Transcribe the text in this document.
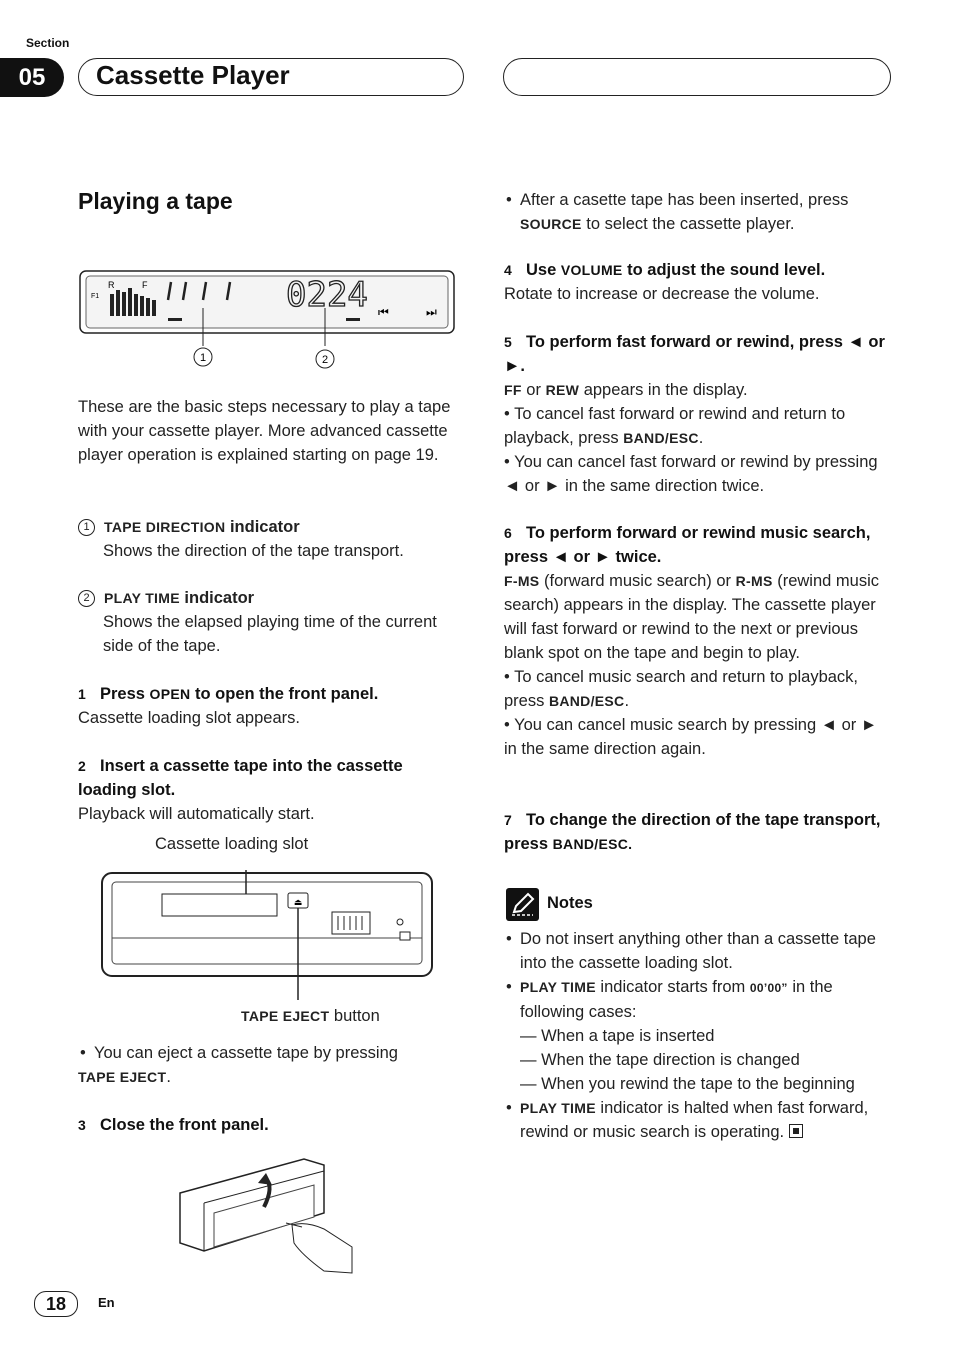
Section
05	Cassette Player
Playing a tape
R	F
F1	0224 ⏮	⏭
1	2
These are the basic steps necessary to play a tape with your cassette player. More advanced cassette player operation is explained starting on page 19.
1 TAPE DIRECTION indicator
Shows the direction of the tape transport.
2 PLAY TIME indicator
Shows the elapsed playing time of the current side of the tape.
1 Press OPEN to open the front panel.
Cassette loading slot appears.
2 Insert a cassette tape into the cassette loading slot.
Playback will automatically start.
Cassette loading slot
⏏
TAPE EJECT button
• You can eject a cassette tape by pressing
TAPE EJECT.
3 Close the front panel.
• After a casette tape has been inserted, press SOURCE to select the cassette player.
4 Use VOLUME to adjust the sound level.
Rotate to increase or decrease the volume.
5 To perform fast forward or rewind, press ◄ or ►.
FF or REW appears in the display.
• To cancel fast forward or rewind and return to playback, press BAND/ESC.
• You can cancel fast forward or rewind by pressing ◄ or ► in the same direction twice.
6 To perform forward or rewind music search, press ◄ or ► twice.
F-MS (forward music search) or R-MS (rewind music search) appears in the display. The cassette player will fast forward or rewind to the next or previous blank spot on the tape and begin to play.
• To cancel music search and return to playback, press BAND/ESC.
• You can cancel music search by pressing ◄ or ► in the same direction again.
7 To change the direction of the tape transport, press BAND/ESC.
Notes
• Do not insert anything other than a cassette tape into the cassette loading slot.
• PLAY TIME indicator starts from 00’00” in the following cases:
— When a tape is inserted
— When the tape direction is changed
— When you rewind the tape to the beginning
• PLAY TIME indicator is halted when fast forward, rewind or music search is operating.
18	En
